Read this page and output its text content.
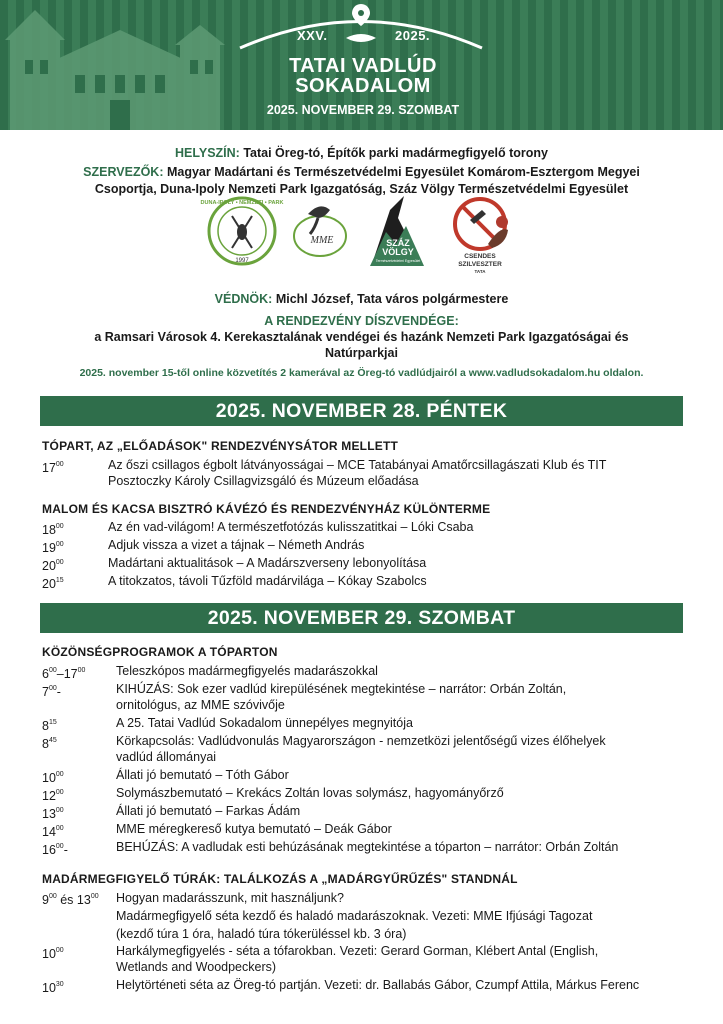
XXV.	2025.
TATAI VADLÚD
SOKADALOM
2025. NOVEMBER 29. SZOMBAT
HELYSZÍN: Tatai Öreg-tó, Építők parki madármegfigyelő torony
SZERVEZŐK: Magyar Madártani és Természetvédelmi Egyesület Komárom-Esztergom Megyei
Csoportja, Duna-Ipoly Nemzeti Park Igazgatóság, Száz Völgy Természetvédelmi Egyesület
DUNA-IPOLY • NEMZETI • PARK
1997
MME	SZÁZ
VÖLGY
Természetvédelmi Egyesület
CSENDES
SZILVESZTER
TATA
VÉDNÖK: Michl József, Tata város polgármestere
A RENDEZVÉNY DÍSZVENDÉGE:
a Ramsari Városok 4. Kerekasztalának vendégei és hazánk Nemzeti Park Igazgatóságai és
Natúrparkjai
2025. november 15-től online közvetítés 2 kamerával az Öreg-tó vadlúdjairól a www.vadludsokadalom.hu oldalon.
2025. NOVEMBER 28. PÉNTEK
TÓPART, AZ „ELŐADÁSOK" RENDEZVÉNYSÁTOR MELLETT
$17^{00}$	Az őszi csillagos égbolt látványosságai – MCE Tatabányai Amatőrcsillagászati Klub és TIT
Posztoczky Károly Csillagvizsgáló és Múzeum előadása
MALOM ÉS KACSA BISZTRÓ KÁVÉZÓ ÉS RENDEZVÉNYHÁZ KÜLÖNTERME
$18^{00}$	Az én vad-világom! A természetfotózás kulisszatitkai – Lóki Csaba
$19^{00}$	Adjuk vissza a vizet a tájnak – Németh András
$20^{00}$	Madártani aktualitások – A Madárszverseny lebonyolítása
$20^{15}$	A titokzatos, távoli Tűzföld madárvilága – Kókay Szabolcs
2025. NOVEMBER 29. SZOMBAT
KÖZÖNSÉGPROGRAMOK A TÓPARTON
$6^{00}-17^{00}$ Teleszkópos madármegfigyelés madarászokkal
$7^{00}-$	KIHÚZÁS: Sok ezer vadlúd kirepülésének megtekintése – narrátor: Orbán Zoltán,
ornitológus, az MME szóvivője
$8^{15}$	A 25. Tatai Vadlúd Sokadalom ünnepélyes megnyitója
$8^{45}$	Körkapcsolás: Vadlúdvonulás Magyarországon - nemzetközi jelentőségű vizes élőhelyek
vadlúd állományai
$10^{00}$	Állati jó bemutató – Tóth Gábor
$12^{00}$	Solymászbemutató – Krekács Zoltán lovas solymász, hagyományőrző
$13^{00}$	Állati jó bemutató – Farkas Ádám
$14^{00}$	MME méregkereső kutya bemutató – Deák Gábor
$16^{00}-$	BEHÚZÁS: A vadludak esti behúzásának megtekintése a tóparton – narrátor: Orbán Zoltán
MADÁRMEGFIGYELŐ TÚRÁK: TALÁLKOZÁS A „MADÁRGYŰRŰZÉS" STANDNÁL
$9^{00}$ és $13^{00}$ Hogyan madarásszunk, mit használjunk?
Madármegfigyelő séta kezdő és haladó madarászoknak. Vezeti: MME Ifjúsági Tagozat
(kezdő túra 1 óra, haladó túra tókerüléssel kb. 3 óra)
$10^{00}$	Harkálymegfigyelés - séta a tófarokban. Vezeti: Gerard Gorman, Klébert Antal (English,
Wetlands and Woodpeckers)
$10^{30}$	Helytörténeti séta az Öreg-tó partján. Vezeti: dr. Ballabás Gábor, Czumpf Attila, Márkus Ferenc
